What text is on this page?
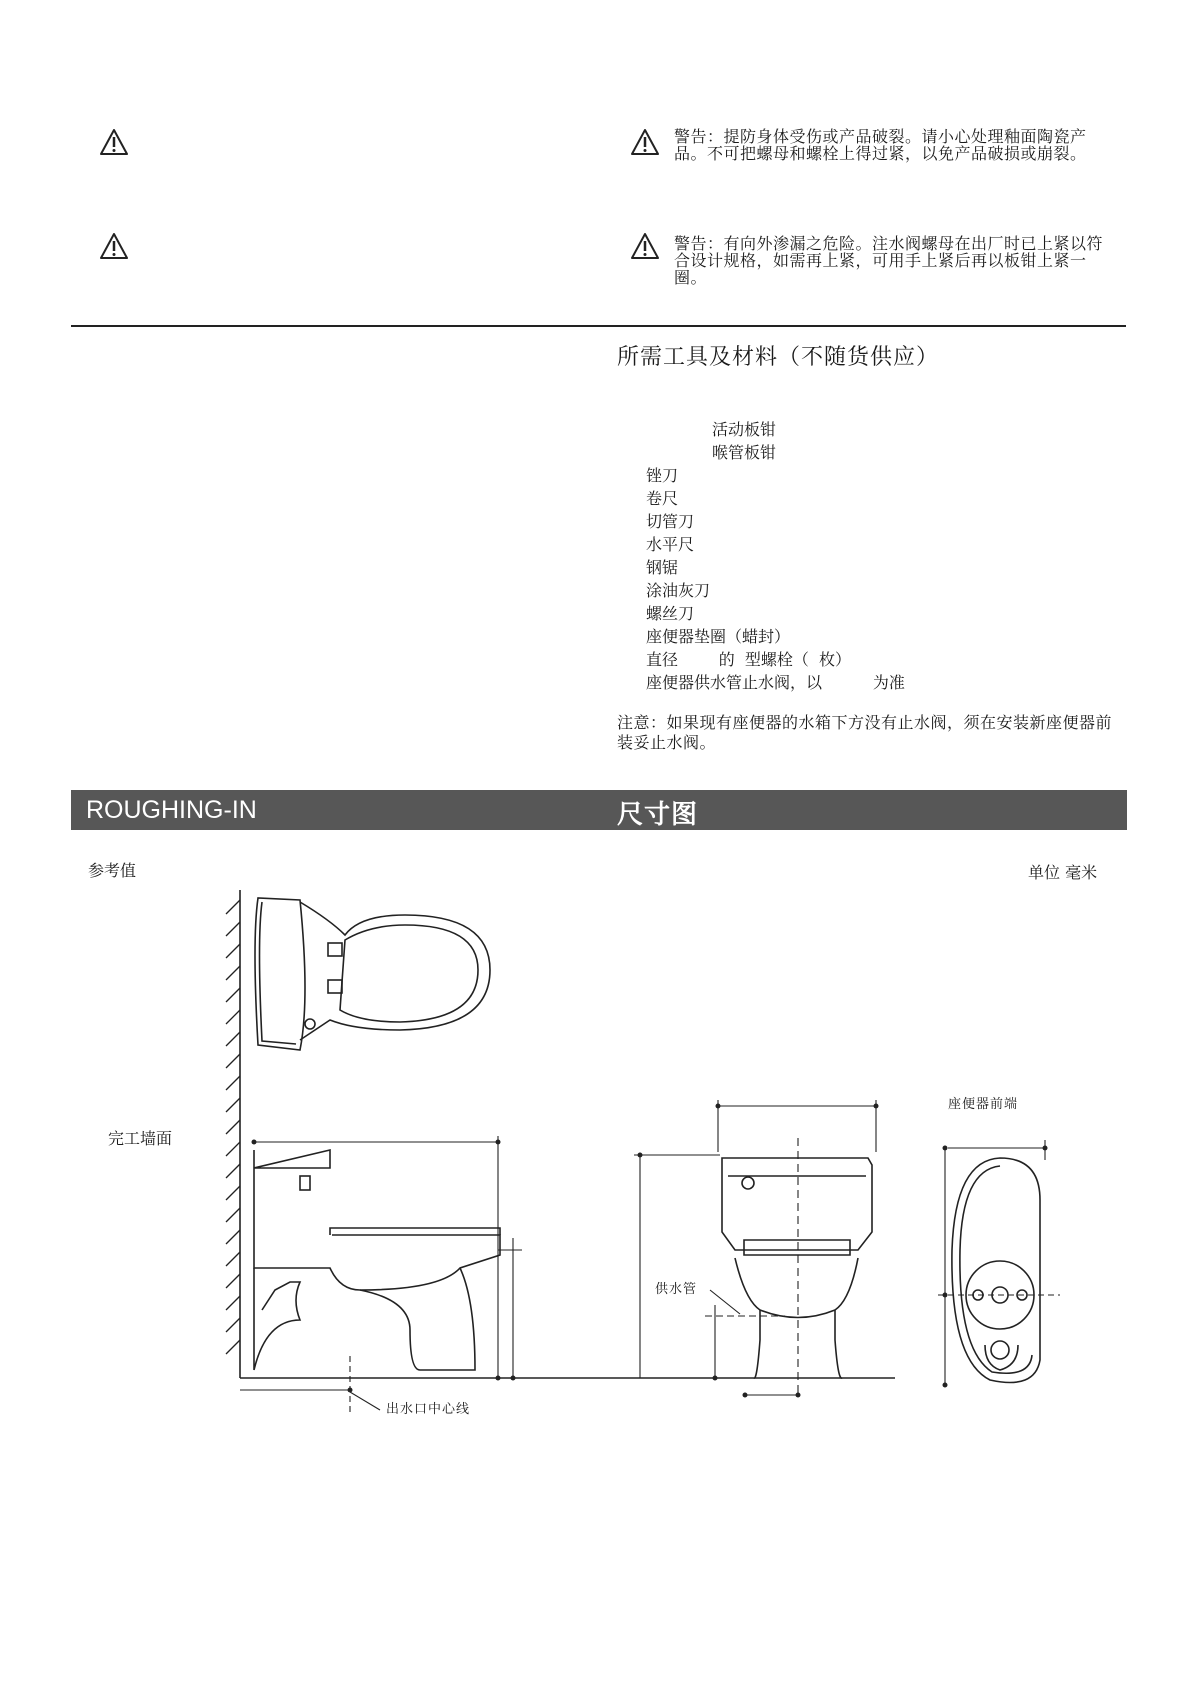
警告：提防身体受伤或产品破裂。请小心处理釉面陶瓷产品。不可把螺母和螺栓上得过紧，以免产品破损或崩裂。
警告：有向外渗漏之危险。注水阀螺母在出厂时已上紧以符合设计规格，如需再上紧，可用手上紧后再以板钳上紧一圈。
所需工具及材料（不随货供应）
活动板钳
喉管板钳
锉刀
卷尺
切管刀
水平尺
钢锯
涂油灰刀
螺丝刀
座便器垫圈（蜡封）
直径        的  型螺栓（  枚）
座便器供水管止水阀，以          为准
注意：如果现有座便器的水箱下方没有止水阀，须在安装新座便器前装妥止水阀。
ROUGHING-IN	尺寸图
参考值	单位 毫米
完工墙面
出水口中心线
供水管
座便器前端
